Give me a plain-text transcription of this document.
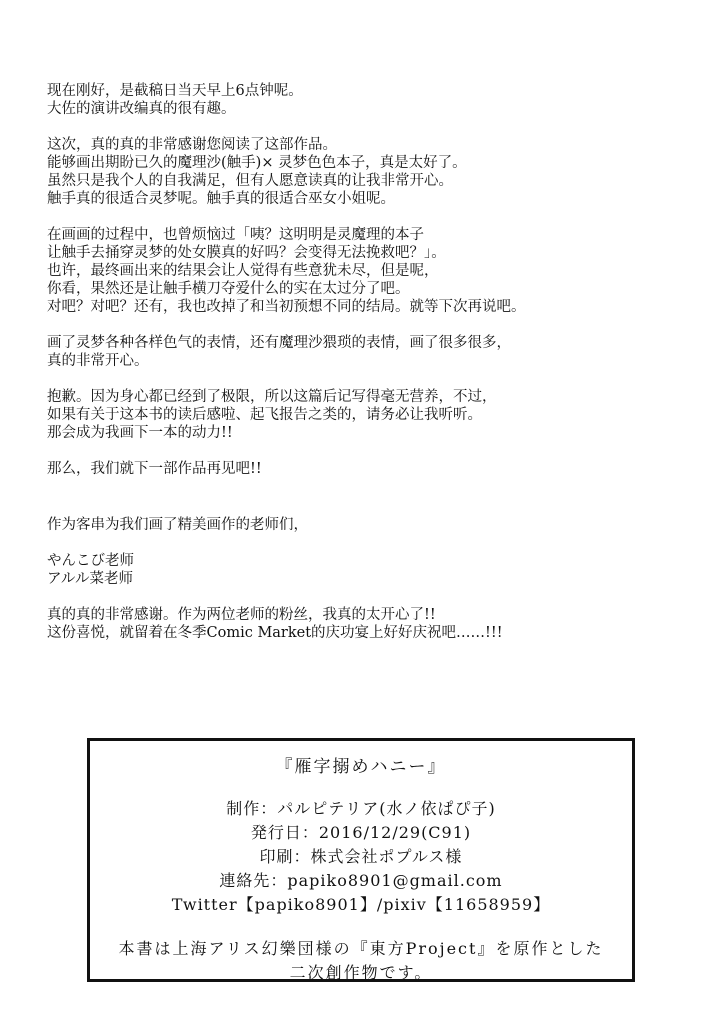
现在刚好，是截稿日当天早上6点钟呢。
大佐的演讲改编真的很有趣。

这次，真的真的非常感谢您阅读了这部作品。
能够画出期盼已久的魔理沙(触手)× 灵梦色色本子，真是太好了。
虽然只是我个人的自我满足，但有人愿意读真的让我非常开心。
触手真的很适合灵梦呢。触手真的很适合巫女小姐呢。

在画画的过程中，也曾烦恼过「咦？这明明是灵魔理的本子
让触手去捅穿灵梦的处女膜真的好吗？会变得无法挽救吧？」。
也许，最终画出来的结果会让人觉得有些意犹未尽，但是呢，
你看，果然还是让触手横刀夺爱什么的实在太过分了吧。
对吧？对吧？还有，我也改掉了和当初预想不同的结局。就等下次再说吧。

画了灵梦各种各样色气的表情，还有魔理沙猥琐的表情，画了很多很多，
真的非常开心。

抱歉。因为身心都已经到了极限，所以这篇后记写得毫无营养，不过，
如果有关于这本书的读后感啦、起飞报告之类的，请务必让我听听。
那会成为我画下一本的动力!!

那么，我们就下一部作品再见吧!!

作为客串为我们画了精美画作的老师们，

やんこび老师
アルル菜老师

真的真的非常感谢。作为两位老师的粉丝，我真的太开心了!!
这份喜悦，就留着在冬季Comic Market的庆功宴上好好庆祝吧……!!!

『雁字搦めハニー』
制作：パルピテリア(水ノ依ぱぴ子)
発行日：2016/12/29(C91)
印刷：株式会社ポプルス様
連絡先：papiko8901@gmail.com
Twitter【papiko8901】/pixiv【11658959】
本書は上海アリス幻樂団様の『東方Project』を原作とした
二次創作物です。
